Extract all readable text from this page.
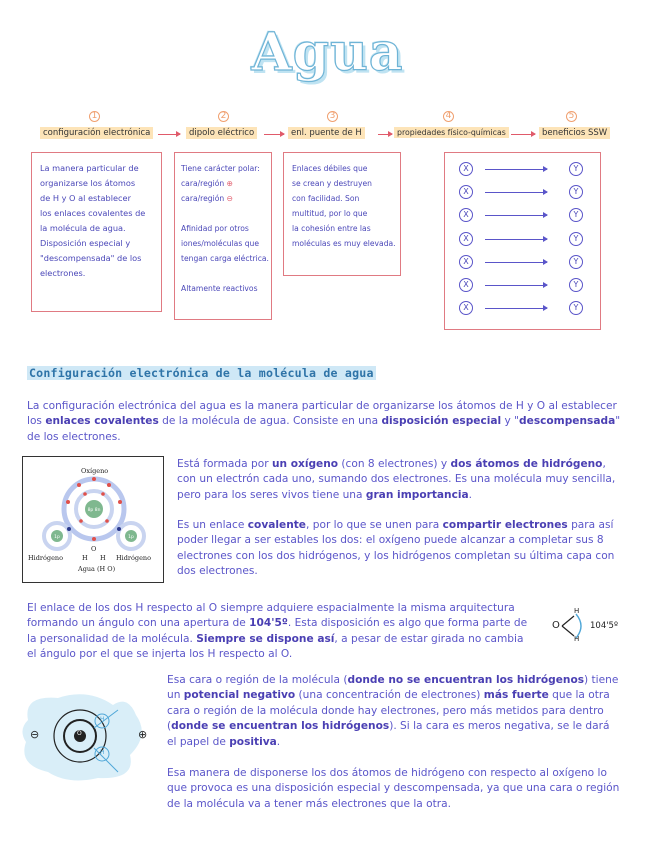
Agua
1	2	3	4	5
configuración electrónica	dipolo eléctrico	enl. puente de H	propiedades físico-químicas	beneficios SSW
La manera particular de
organizarse los átomos
de H y O al establecer
los enlaces covalentes de
la molécula de agua.
Disposición especial y
"descompensada" de los
electrones.
Tiene carácter polar:
cara/región ⊕
cara/región ⊖
Afinidad por otros
iones/moléculas que
tengan carga eléctrica.
Altamente reactivos
Enlaces débiles que
se crean y destruyen
con facilidad. Son
multitud, por lo que
la cohesión entre las
moléculas es muy elevada.
X	Y
X	Y
X	Y
X	Y
X	Y
X	Y
X	Y
Configuración electrónica de la molécula de agua
La configuración electrónica del agua es la manera particular de organizarse los átomos de H y O al establecer
los enlaces covalentes de la molécula de agua. Consiste en una disposición especial y "descompensada"
de los electrones.
8p 8n
1p	1p
Oxígeno
Hidrógeno	Hidrógeno
O
H H
Agua (H O)
Está formada por un oxígeno (con 8 electrones) y dos átomos de hidrógeno,
con un electrón cada uno, sumando dos electrones. Es una molécula muy sencilla,
pero para los seres vivos tiene una gran importancia.
Es un enlace covalente, por lo que se unen para compartir electrones para así
poder llegar a ser estables los dos: el oxígeno puede alcanzar a completar sus 8
electrones con los dos hidrógenos, y los hidrógenos completan su última capa con
dos electrones.
El enlace de los dos H respecto al O siempre adquiere espacialmente la misma arquitectura
formando un ángulo con una apertura de 104'5º. Esta disposición es algo que forma parte de
la personalidad de la molécula. Siempre se dispone así, a pesar de estar girada no cambia
el ángulo por el que se injerta los H respecto al O.
O
H
H
104'5º
⊖	⊕
O
H
H
Esa cara o región de la molécula (donde no se encuentran los hidrógenos) tiene
un potencial negativo (una concentración de electrones) más fuerte que la otra
cara o región de la molécula donde hay electrones, pero más metidos para dentro
(donde se encuentran los hidrógenos). Si la cara es meros negativa, se le dará
el papel de positiva.
Esa manera de disponerse los dos átomos de hidrógeno con respecto al oxígeno lo
que provoca es una disposición especial y descompensada, ya que una cara o región
de la molécula va a tener más electrones que la otra.
